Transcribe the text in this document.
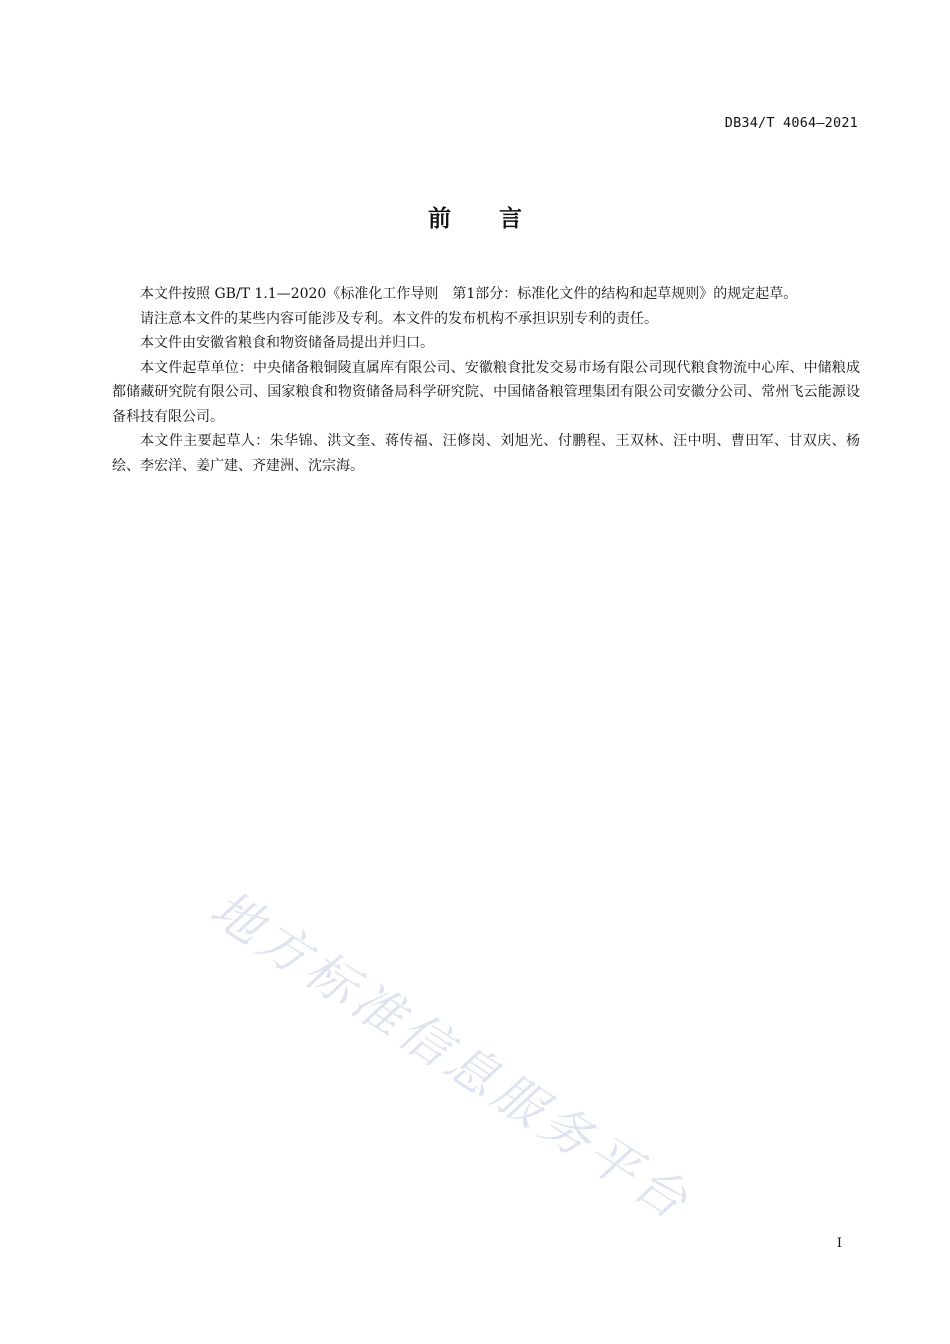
DB34/T 4064—2021
前言

本文件按照 GB/T 1.1—2020《标准化工作导则　第1部分：标准化文件的结构和起草规则》的规定起草。

请注意本文件的某些内容可能涉及专利。本文件的发布机构不承担识别专利的责任。

本文件由安徽省粮食和物资储备局提出并归口。

本文件起草单位：中央储备粮铜陵直属库有限公司、安徽粮食批发交易市场有限公司现代粮食物流中心库、中储粮成都储藏研究院有限公司、国家粮食和物资储备局科学研究院、中国储备粮管理集团有限公司安徽分公司、常州飞云能源设备科技有限公司。

本文件主要起草人：朱华锦、洪文奎、蒋传福、汪修岗、刘旭光、付鹏程、王双林、汪中明、曹田军、甘双庆、杨绘、李宏洋、姜广建、齐建洲、沈宗海。

地方标准信息服务平台
I
